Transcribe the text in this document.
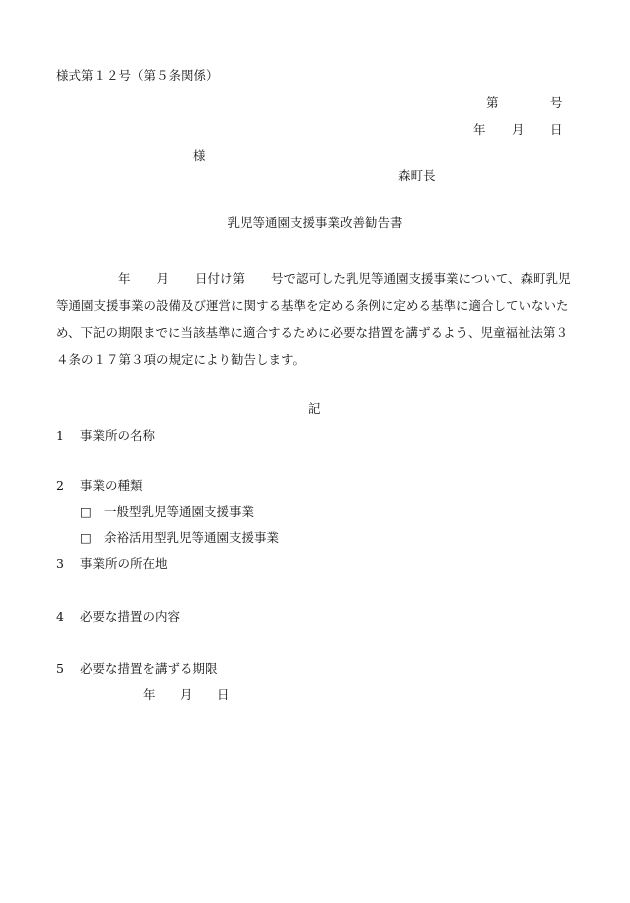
様式第１２号（第５条関係）
第	号
年 月 日
様
森町長
乳児等通園支援事業改善勧告書
年 月 日付け第 号で認可した乳児等通園支援事業について、森町乳児
等通園支援事業の設備及び運営に関する基準を定める条例に定める基準に適合していないた
め、下記の期限までに当該基準に適合するために必要な措置を講ずるよう、児童福祉法第３
４条の１７第３項の規定により勧告します。
記
1 事業所の名称
2 事業の種類
□ 一般型乳児等通園支援事業
□ 余裕活用型乳児等通園支援事業
3 事業所の所在地
4 必要な措置の内容
5 必要な措置を講ずる期限
年 月 日
